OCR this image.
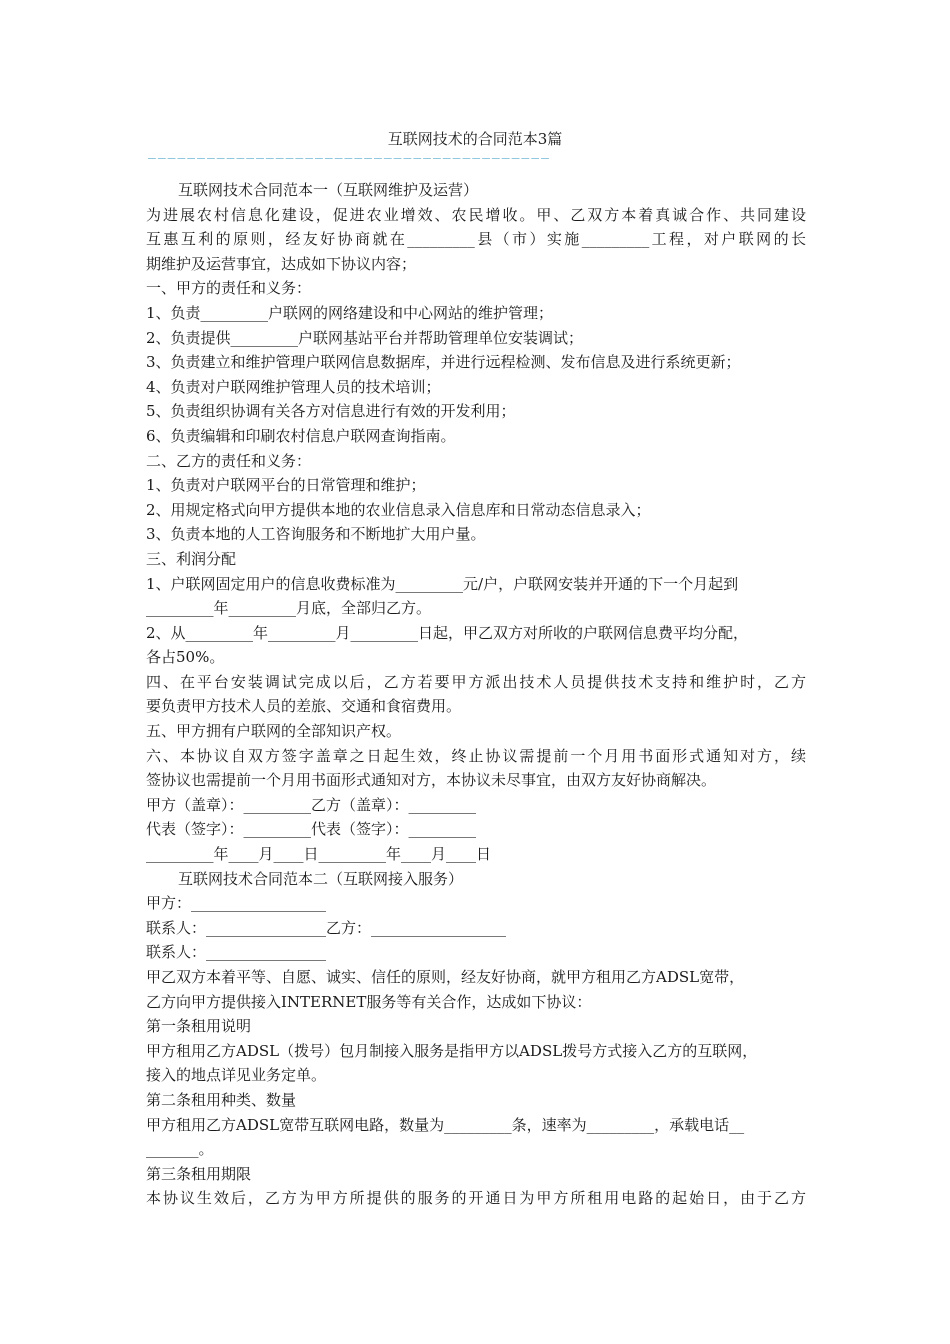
互联网技术的合同范本3篇
—————————————————————————————————————————
互联网技术合同范本一（互联网维护及运营）
为进展农村信息化建设，促进农业增效、农民增收。甲、乙双方本着真诚合作、共同建设
互惠互利的原则，经友好协商就在_________县（市）实施_________工程，对户联网的长
期维护及运营事宜，达成如下协议内容；
一、甲方的责任和义务：
1、负责_________户联网的网络建设和中心网站的维护管理；
2、负责提供_________户联网基站平台并帮助管理单位安装调试；
3、负责建立和维护管理户联网信息数据库，并进行远程检测、发布信息及进行系统更新；
4、负责对户联网维护管理人员的技术培训；
5、负责组织协调有关各方对信息进行有效的开发利用；
6、负责编辑和印刷农村信息户联网查询指南。
二、乙方的责任和义务：
1、负责对户联网平台的日常管理和维护；
2、用规定格式向甲方提供本地的农业信息录入信息库和日常动态信息录入；
3、负责本地的人工咨询服务和不断地扩大用户量。
三、利润分配
1、户联网固定用户的信息收费标准为_________元/户，户联网安装并开通的下一个月起到
_________年_________月底，全部归乙方。
2、从_________年_________月_________日起，甲乙双方对所收的户联网信息费平均分配，
各占50%。
四、在平台安装调试完成以后，乙方若要甲方派出技术人员提供技术支持和维护时，乙方
要负责甲方技术人员的差旅、交通和食宿费用。
五、甲方拥有户联网的全部知识产权。
六、本协议自双方签字盖章之日起生效，终止协议需提前一个月用书面形式通知对方，续
签协议也需提前一个月用书面形式通知对方，本协议未尽事宜，由双方友好协商解决。
甲方（盖章）：_________乙方（盖章）：_________
代表（签字）：_________代表（签字）：_________
_________年____月____日_________年____月____日
互联网技术合同范本二（互联网接入服务）
甲方：__________________
联系人：________________乙方：__________________
联系人：________________
甲乙双方本着平等、自愿、诚实、信任的原则，经友好协商，就甲方租用乙方ADSL宽带，
乙方向甲方提供接入INTERNET服务等有关合作，达成如下协议：
第一条租用说明
甲方租用乙方ADSL（拨号）包月制接入服务是指甲方以ADSL拨号方式接入乙方的互联网，
接入的地点详见业务定单。
第二条租用种类、数量
甲方租用乙方ADSL宽带互联网电路，数量为_________条，速率为_________，承载电话__
_______。
第三条租用期限
本协议生效后，乙方为甲方所提供的服务的开通日为甲方所租用电路的起始日，由于乙方
